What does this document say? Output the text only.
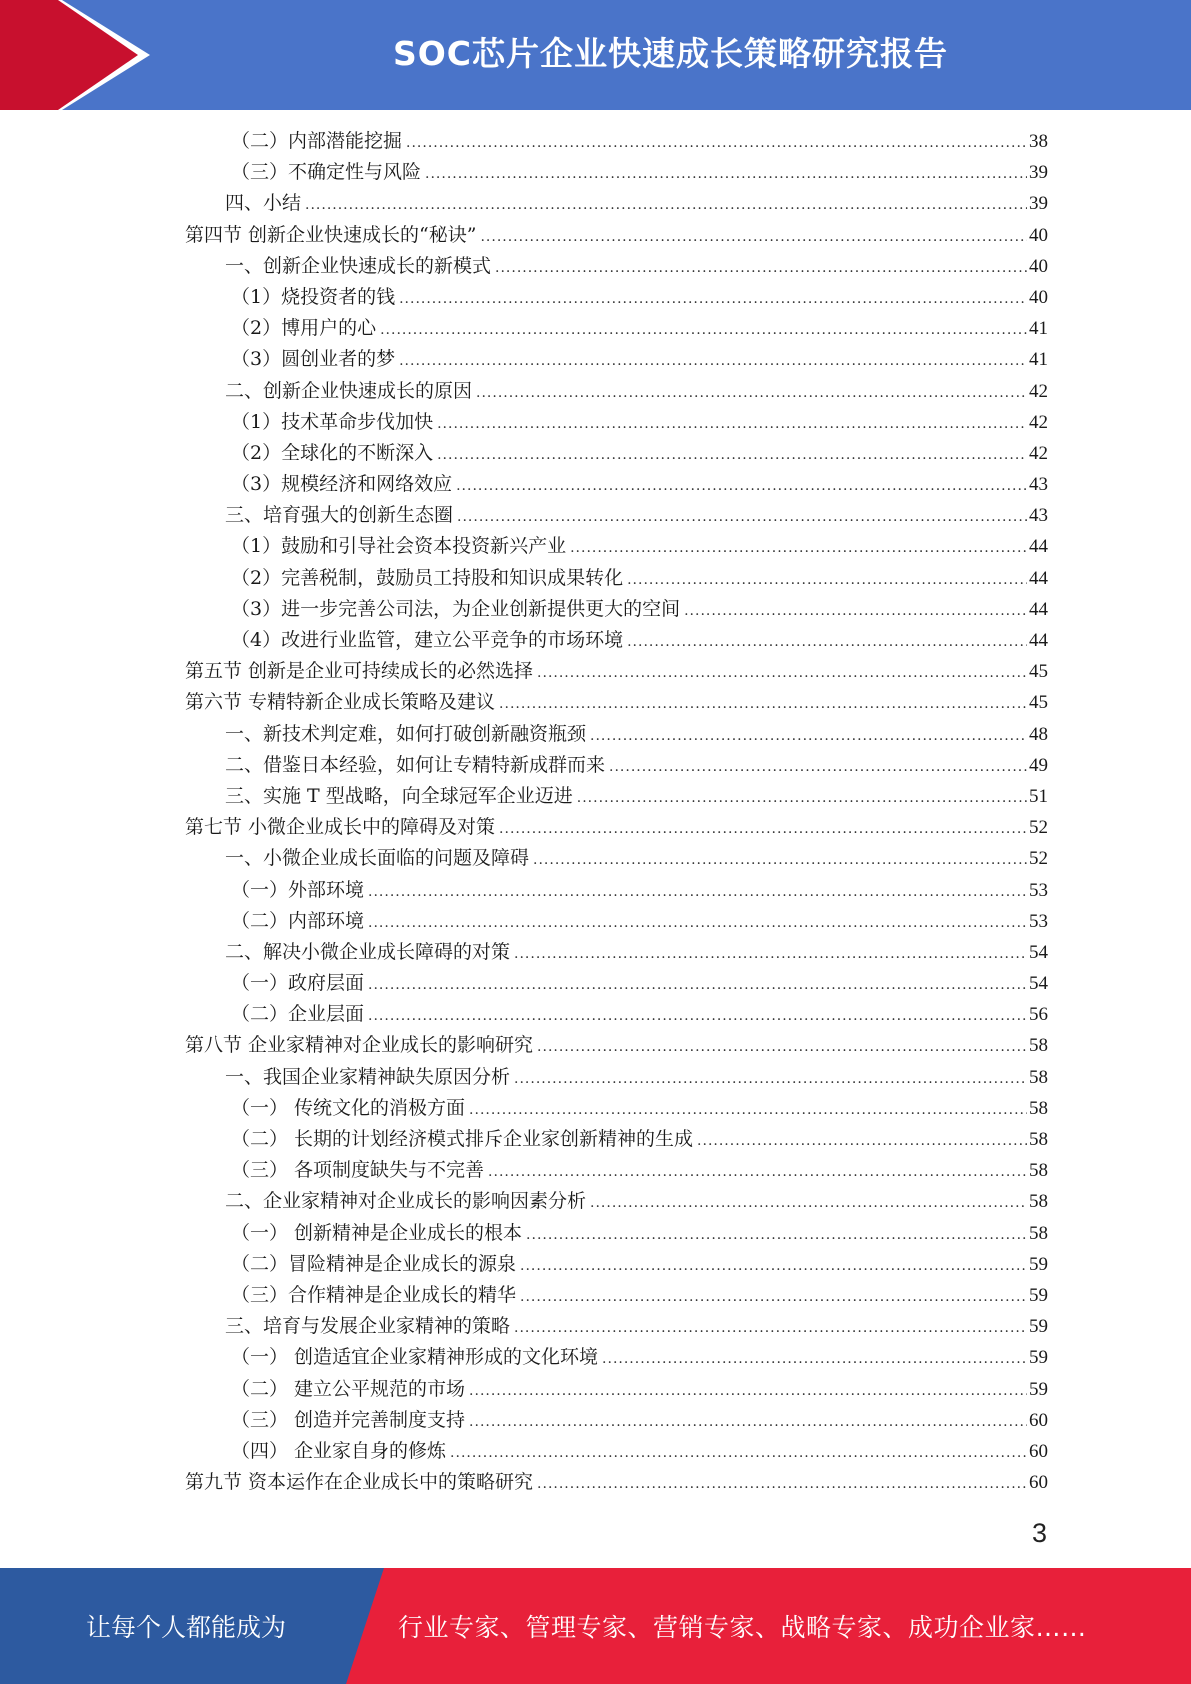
SOC芯片企业快速成长策略研究报告
（二）内部潜能挖掘 .....	38
（三）不确定性与风险 .....	39
四、小结 .....	39
第四节 创新企业快速成长的“秘诀” .....	40
一、创新企业快速成长的新模式 .....	40
（1）烧投资者的钱 .....	40
（2）博用户的心 .....	41
（3）圆创业者的梦 .....	41
二、创新企业快速成长的原因 .....	42
（1）技术革命步伐加快 .....	42
（2）全球化的不断深入 .....	42
（3）规模经济和网络效应 .....	43
三、培育强大的创新生态圈 .....	43
（1）鼓励和引导社会资本投资新兴产业 .....	44
（2）完善税制，鼓励员工持股和知识成果转化 .....	44
（3）进一步完善公司法，为企业创新提供更大的空间 .....	44
（4）改进行业监管，建立公平竞争的市场环境 .....	44
第五节 创新是企业可持续成长的必然选择 .....	45
第六节 专精特新企业成长策略及建议 .....	45
一、新技术判定难，如何打破创新融资瓶颈 .....	48
二、借鉴日本经验，如何让专精特新成群而来 .....	49
三、实施 T 型战略，向全球冠军企业迈进 .....	51
第七节 小微企业成长中的障碍及对策 .....	52
一、小微企业成长面临的问题及障碍 .....	52
（一）外部环境 .....	53
（二）内部环境 .....	53
二、解决小微企业成长障碍的对策 .....	54
（一）政府层面 .....	54
（二）企业层面 .....	56
第八节 企业家精神对企业成长的影响研究 .....	58
一、我国企业家精神缺失原因分析 .....	58
（一） 传统文化的消极方面 .....	58
（二） 长期的计划经济模式排斥企业家创新精神的生成 .....	58
（三） 各项制度缺失与不完善 .....	58
二、企业家精神对企业成长的影响因素分析 .....	58
（一） 创新精神是企业成长的根本 .....	58
（二）冒险精神是企业成长的源泉 .....	59
（三）合作精神是企业成长的精华 .....	59
三、培育与发展企业家精神的策略 .....	59
（一） 创造适宜企业家精神形成的文化环境 .....	59
（二） 建立公平规范的市场 .....	59
（三） 创造并完善制度支持 .....	60
（四） 企业家自身的修炼 .....	60
第九节 资本运作在企业成长中的策略研究 .....	60
3
让每个人都能成为	行业专家、管理专家、营销专家、战略专家、成功企业家……
